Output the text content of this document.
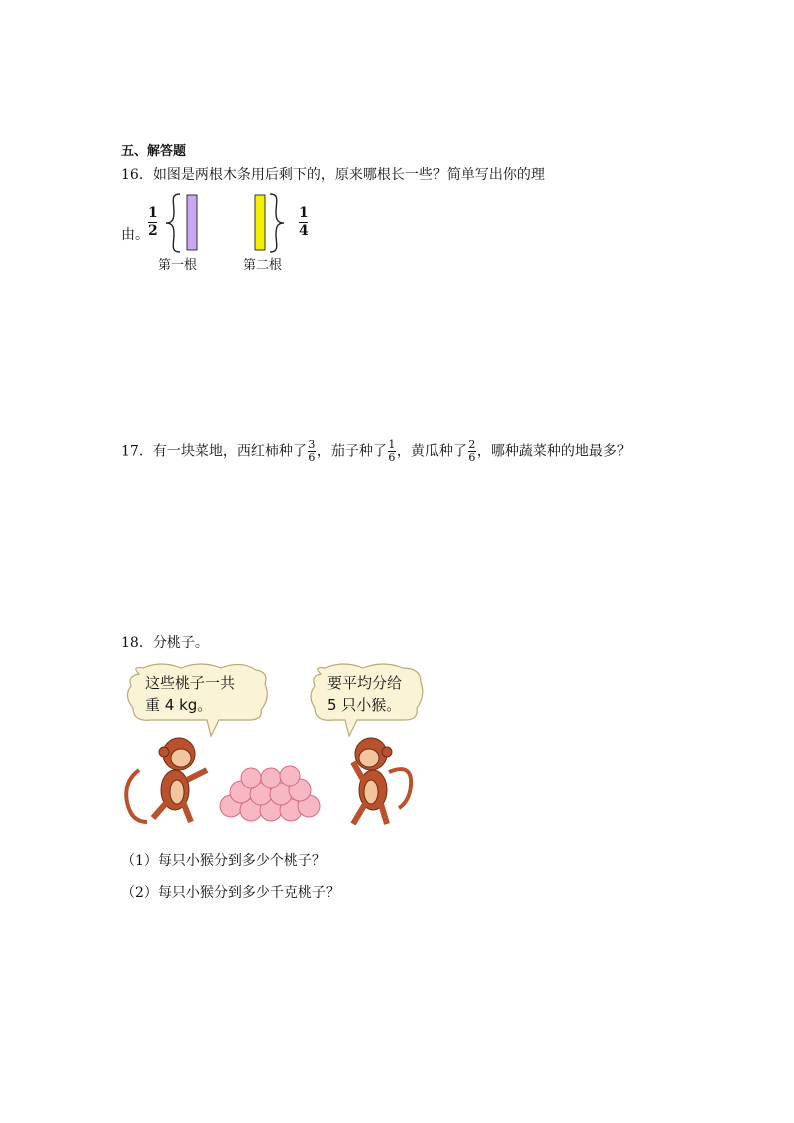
五、解答题
16．如图是两根木条用后剩下的，原来哪根长一些？简单写出你的理
由。
1
2
1
4
第一根	第二根
17．有一块菜地，西红柿种了 $\frac{3}{6}$ ，茄子种了 $\frac{1}{6}$ ，黄瓜种了 $\frac{2}{6}$ ，哪种蔬菜种的地最多？
18．分桃子。
这些桃子一共
重 4 kg。
要平均分给
5 只小猴。
（1）每只小猴分到多少个桃子？
（2）每只小猴分到多少千克桃子？
